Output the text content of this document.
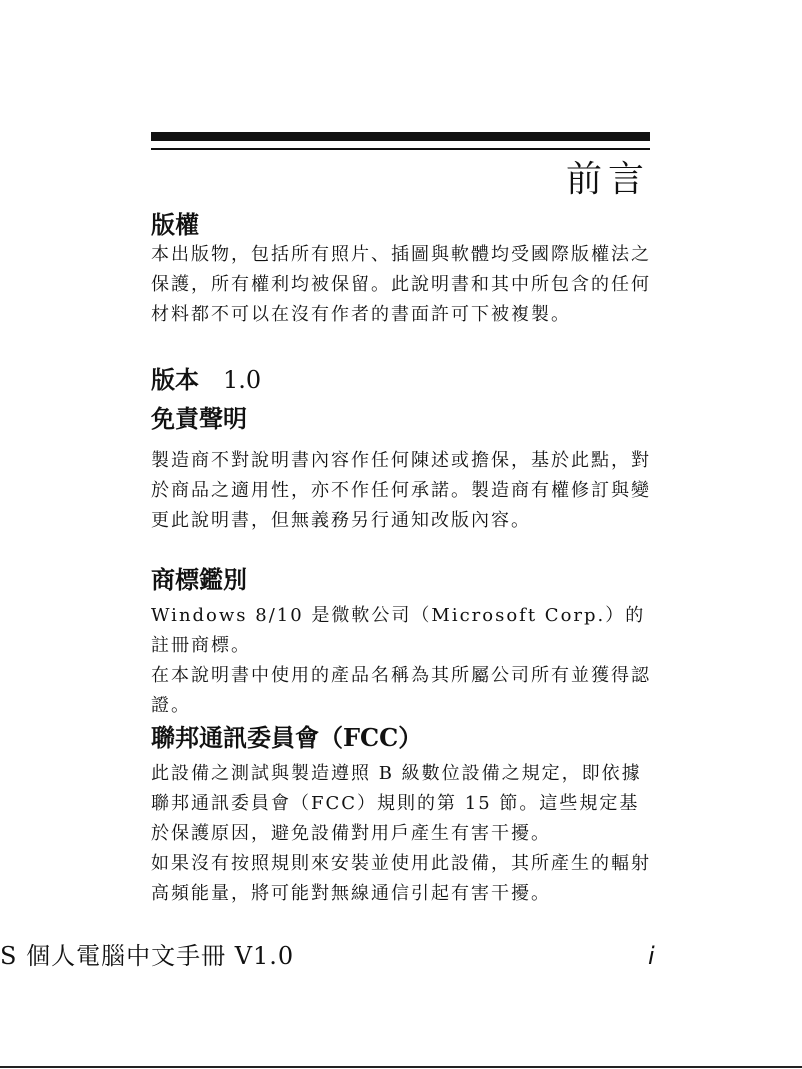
前言
版權

本出版物，包括所有照片、插圖與軟體均受國際版權法之保護，所有權利均被保留。此說明書和其中所包含的任何材料都不可以在沒有作者的書面許可下被複製。

版本 1.0
免責聲明

製造商不對說明書內容作任何陳述或擔保，基於此點，對於商品之適用性，亦不作任何承諾。製造商有權修訂與變更此說明書，但無義務另行通知改版內容。

商標鑑別

Windows 8/10 是微軟公司（Microsoft Corp.）的註冊商標。

在本說明書中使用的產品名稱為其所屬公司所有並獲得認證。

聯邦通訊委員會（FCC）

此設備之測試與製造遵照 B 級數位設備之規定，即依據聯邦通訊委員會（FCC）規則的第 15 節。這些規定基於保護原因，避免設備對用戶產生有害干擾。

如果沒有按照規則來安裝並使用此設備，其所產生的輻射高頻能量，將可能對無線通信引起有害干擾。

S 個人電腦中文手冊 V1.0	i
